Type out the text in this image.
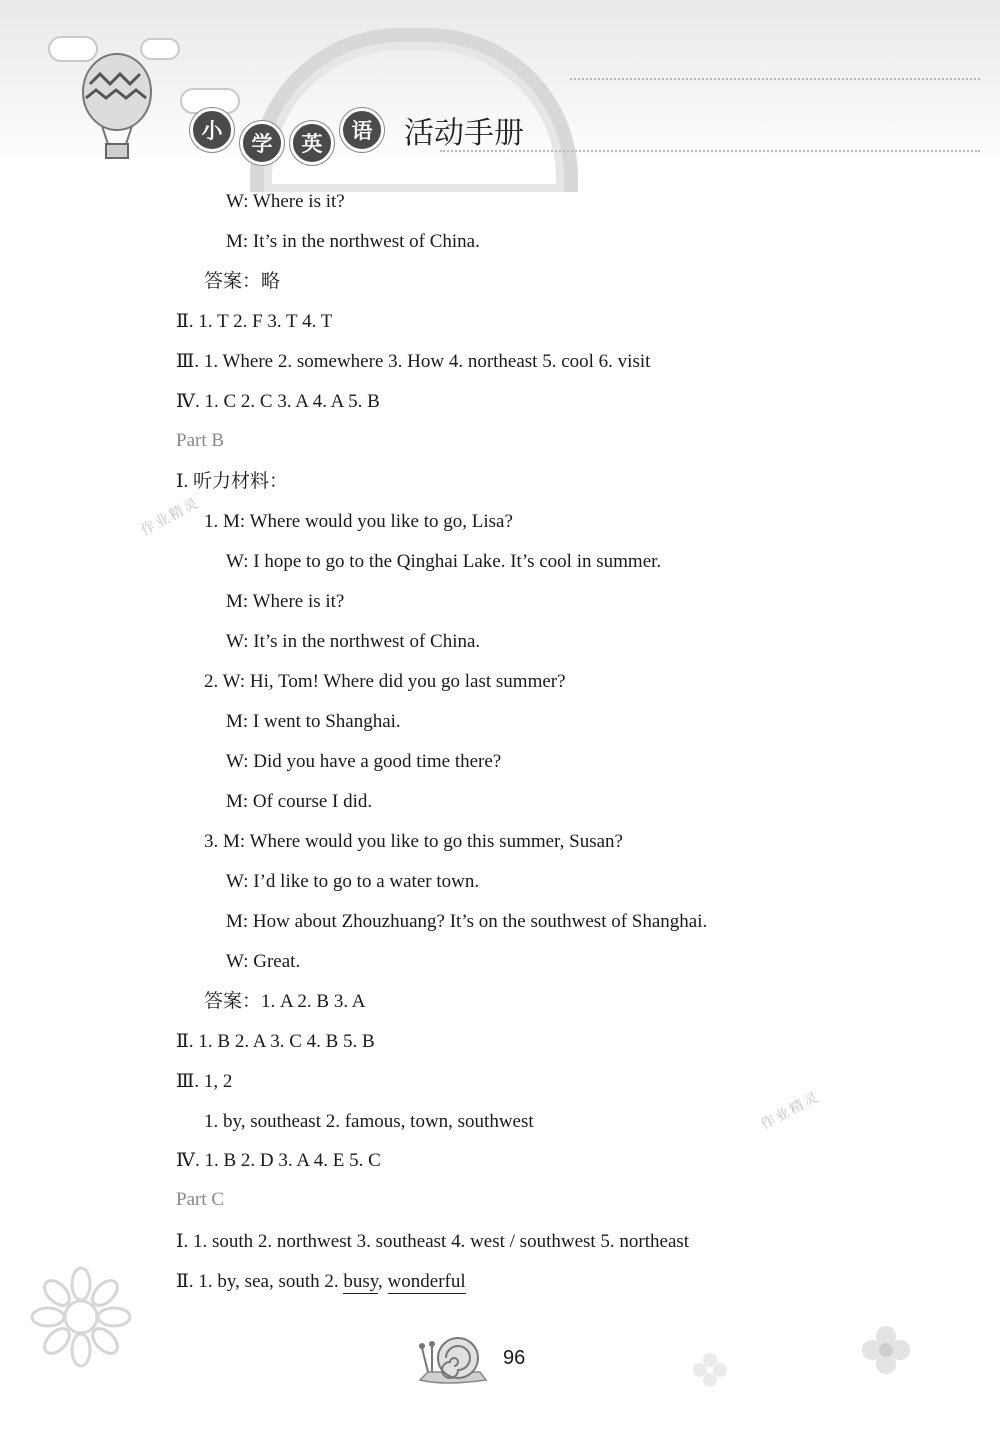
小
学	英
语	活动手册
W: Where is it?
M: It’s in the northwest of China.
答案：略
Ⅱ. 1. T 2. F 3. T 4. T
Ⅲ. 1. Where 2. somewhere 3. How 4. northeast 5. cool 6. visit
Ⅳ. 1. C 2. C 3. A 4. A 5. B
Part B
Ⅰ. 听力材料：
1. M: Where would you like to go, Lisa?
W: I hope to go to the Qinghai Lake. It’s cool in summer.
M: Where is it?
W: It’s in the northwest of China.
2. W: Hi, Tom! Where did you go last summer?
M: I went to Shanghai.
W: Did you have a good time there?
M: Of course I did.
3. M: Where would you like to go this summer, Susan?
W: I’d like to go to a water town.
M: How about Zhouzhuang? It’s on the southwest of Shanghai.
W: Great.
答案：1. A 2. B 3. A
Ⅱ. 1. B 2. A 3. C 4. B 5. B
Ⅲ. 1, 2
1. by, southeast 2. famous, town, southwest
Ⅳ. 1. B 2. D 3. A 4. E 5. C
Part C
Ⅰ. 1. south 2. northwest 3. southeast 4. west / southwest 5. northeast
Ⅱ. 1. by, sea, south 2. busy, wonderful
作业精灵
作业精灵
96
